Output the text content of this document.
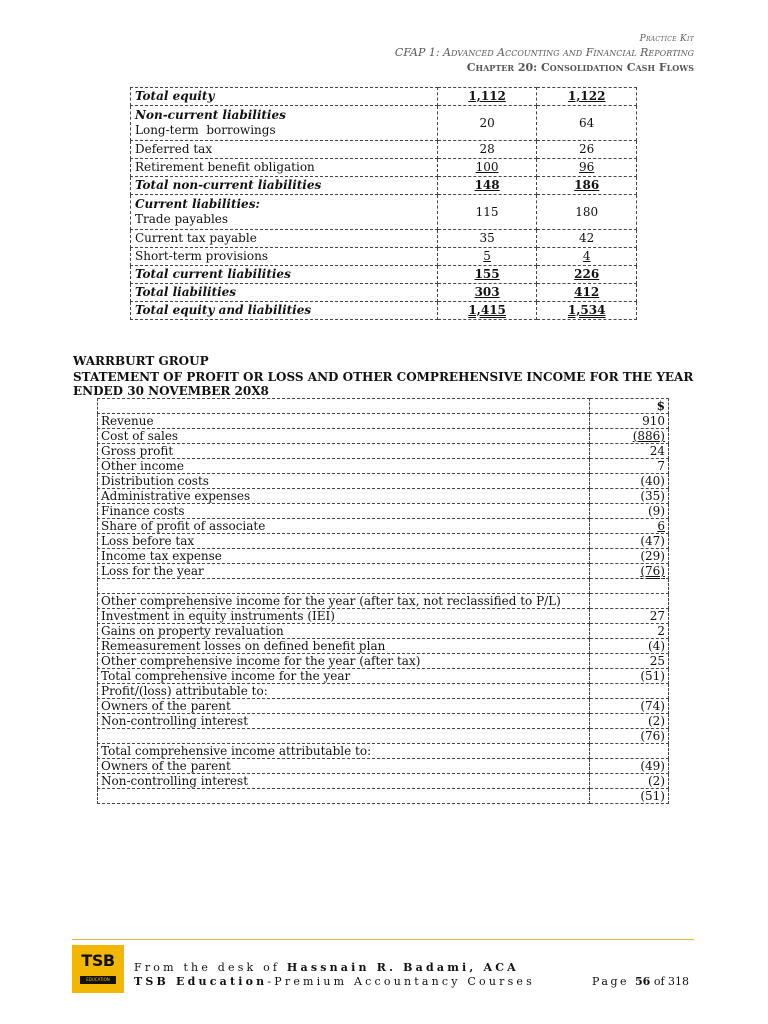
Practice Kit
CFAP 1: Advanced Accounting and Financial Reporting
Chapter 20: Consolidation Cash Flows
Total equity	1,112	1,122
Non-current liabilities
Long-term  borrowings	20	64
Deferred tax	28	26
Retirement benefit obligation	100	96
Total non-current liabilities	148	186
Current liabilities:
Trade payables	115	180
Current tax payable	35	42
Short-term provisions	5	4
Total current liabilities	155	226
Total liabilities	303	412
Total equity and liabilities	1,415	1,534
WARRBURT GROUP
STATEMENT OF PROFIT OR LOSS AND OTHER COMPREHENSIVE INCOME FOR THE YEAR
ENDED 30 NOVEMBER 20X8
	$
Revenue	910
Cost of sales	(886)
Gross profit	24
Other income	7
Distribution costs	(40)
Administrative expenses	(35)
Finance costs	(9)
Share of profit of associate	6
Loss before tax	(47)
Income tax expense	(29)
Loss for the year	(76)

Other comprehensive income for the year (after tax, not reclassified to P/L)	
Investment in equity instruments (IEI)	27
Gains on property revaluation	2
Remeasurement losses on defined benefit plan	(4)
Other comprehensive income for the year (after tax)	25
Total comprehensive income for the year	(51)
Profit/(loss) attributable to:	
Owners of the parent	(74)
Non-controlling interest	(2)
	(76)
Total comprehensive income attributable to:	
Owners of the parent	(49)
Non-controlling interest	(2)
	(51)
TSB
EDUCATION
From the desk of Hassnain R. Badami, ACA
TSB Education-Premium Accountancy Courses	Page 56 of 318
